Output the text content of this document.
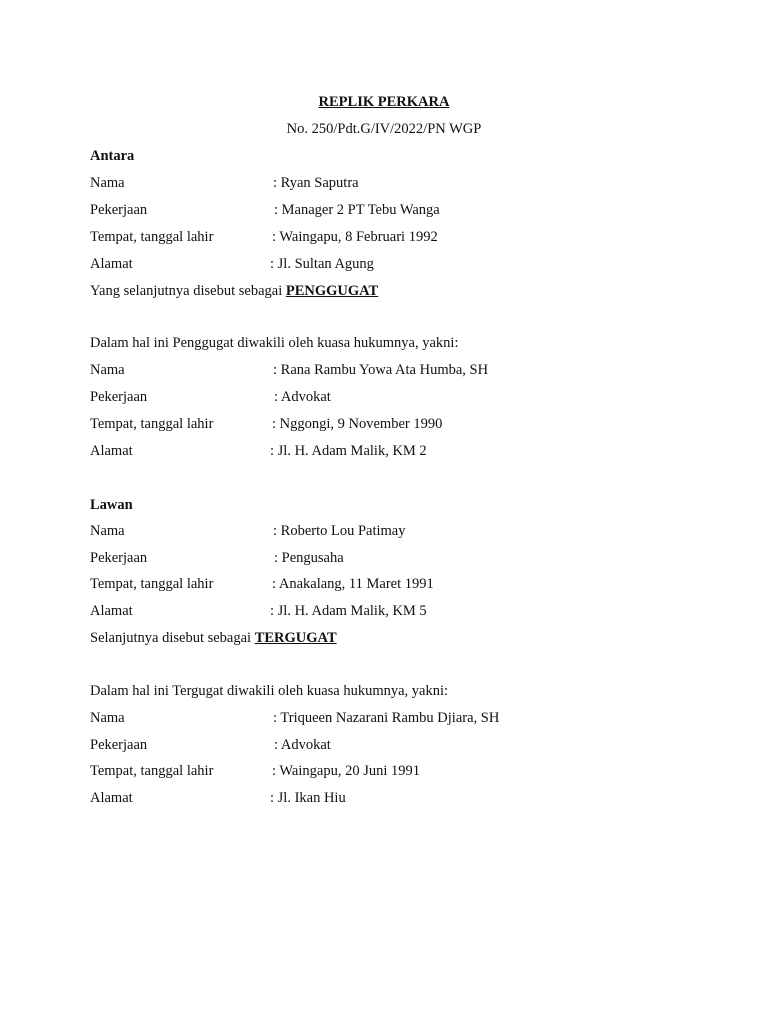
REPLIK PERKARA
No. 250/Pdt.G/IV/2022/PN WGP
Antara
Nama	: Ryan Saputra
Pekerjaan	: Manager 2 PT Tebu Wanga
Tempat, tanggal lahir	: Waingapu, 8 Februari 1992
Alamat	: Jl. Sultan Agung
Yang selanjutnya disebut sebagai PENGGUGAT
Dalam hal ini Penggugat diwakili oleh kuasa hukumnya, yakni:
Nama	: Rana Rambu Yowa Ata Humba, SH
Pekerjaan	: Advokat
Tempat, tanggal lahir	: Nggongi, 9 November 1990
Alamat	: Jl. H. Adam Malik, KM 2
Lawan
Nama	: Roberto Lou Patimay
Pekerjaan	: Pengusaha
Tempat, tanggal lahir	: Anakalang, 11 Maret 1991
Alamat	: Jl. H. Adam Malik, KM 5
Selanjutnya disebut sebagai TERGUGAT
Dalam hal ini Tergugat diwakili oleh kuasa hukumnya, yakni:
Nama	: Triqueen Nazarani Rambu Djiara, SH
Pekerjaan	: Advokat
Tempat, tanggal lahir	: Waingapu, 20 Juni 1991
Alamat	: Jl. Ikan Hiu
